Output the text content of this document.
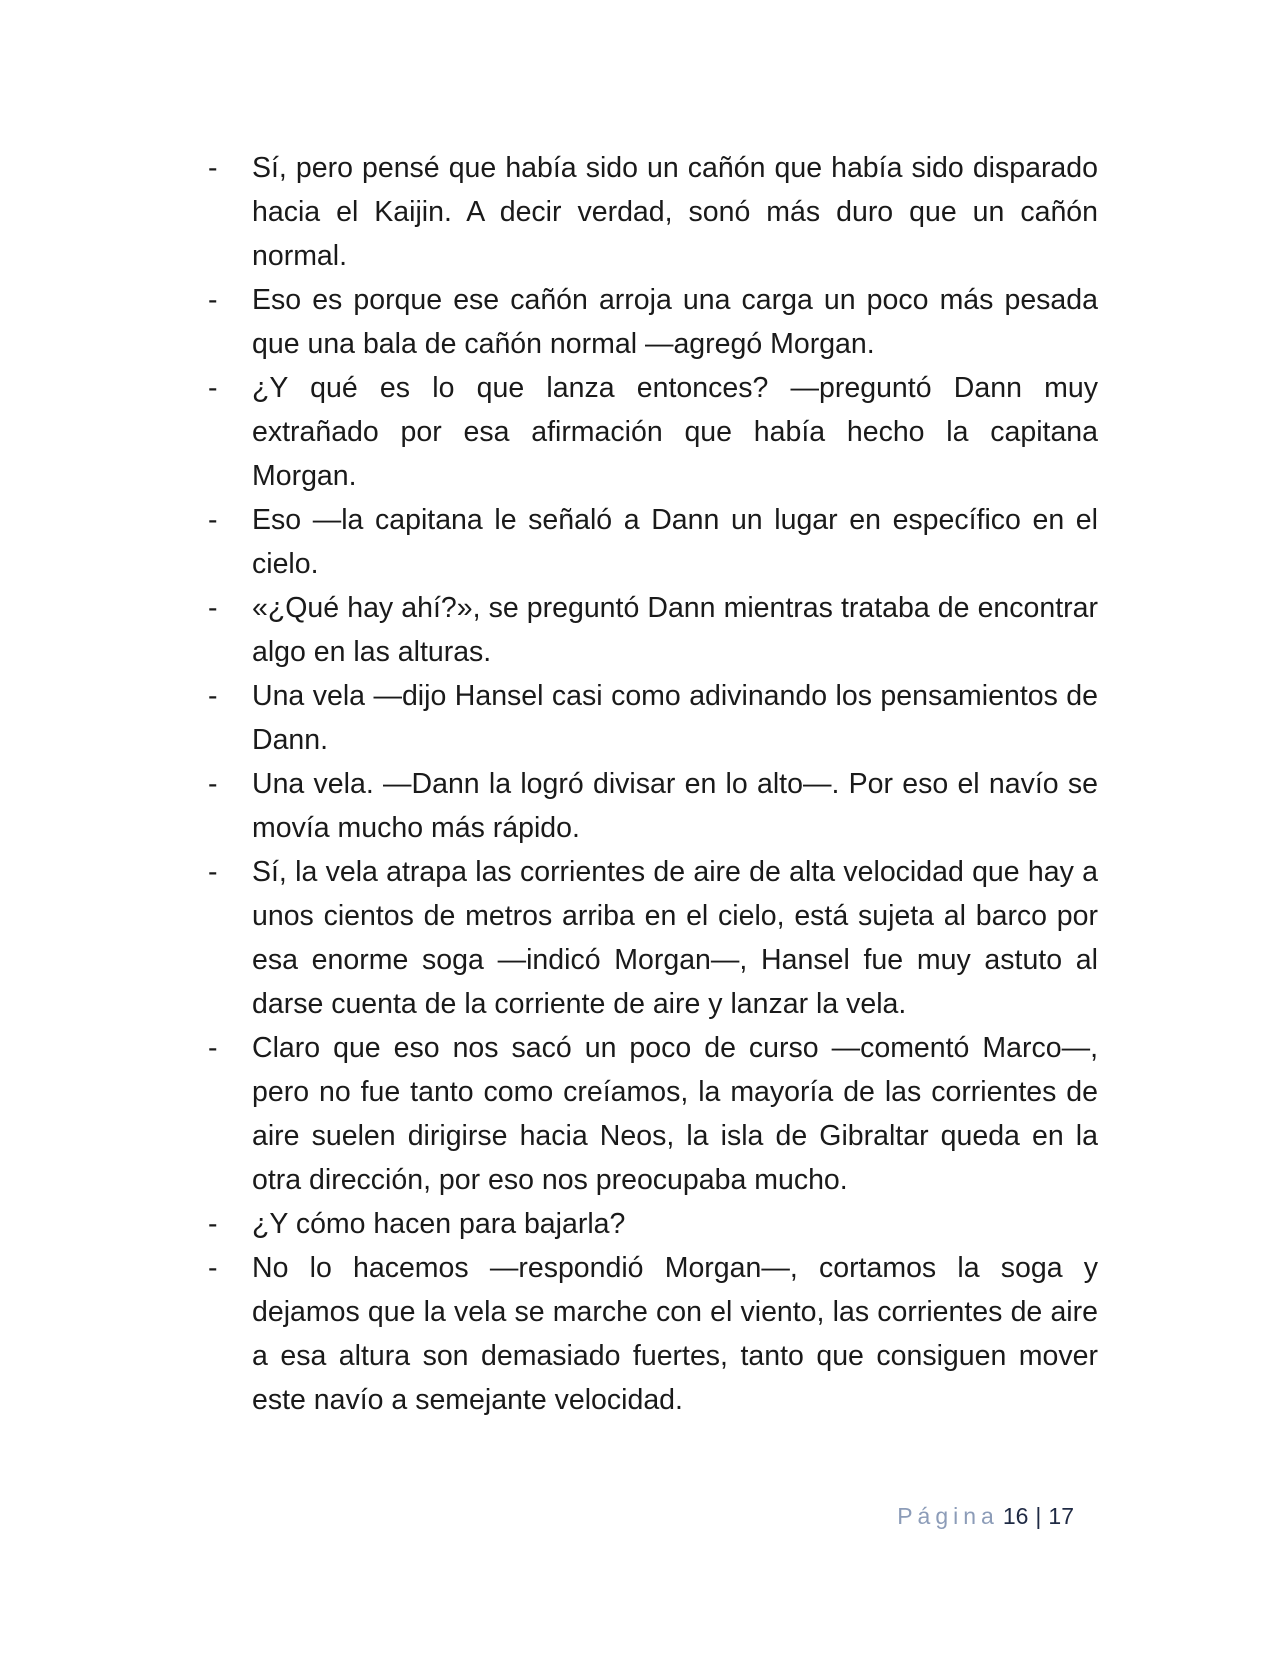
-	Sí, pero pensé que había sido un cañón que había sido disparado hacia el Kaijin. A decir verdad, sonó más duro que un cañón normal.
-	Eso es porque ese cañón arroja una carga un poco más pesada que una bala de cañón normal —agregó Morgan.
-	¿Y qué es lo que lanza entonces? —preguntó Dann muy extrañado por esa afirmación que había hecho la capitana Morgan.
-	Eso —la capitana le señaló a Dann un lugar en específico en el cielo.
-	«¿Qué hay ahí?», se preguntó Dann mientras trataba de encontrar algo en las alturas.
-	Una vela —dijo Hansel casi como adivinando los pensamientos de Dann.
-	Una vela. —Dann la logró divisar en lo alto—. Por eso el navío se movía mucho más rápido.
-	Sí, la vela atrapa las corrientes de aire de alta velocidad que hay a unos cientos de metros arriba en el cielo, está sujeta al barco por esa enorme soga —indicó Morgan—, Hansel fue muy astuto al darse cuenta de la corriente de aire y lanzar la vela.
-	Claro que eso nos sacó un poco de curso —comentó Marco—, pero no fue tanto como creíamos, la mayoría de las corrientes de aire suelen dirigirse hacia Neos, la isla de Gibraltar queda en la otra dirección, por eso nos preocupaba mucho.
-	¿Y cómo hacen para bajarla?
-	No lo hacemos —respondió Morgan—, cortamos la soga y dejamos que la vela se marche con el viento, las corrientes de aire a esa altura son demasiado fuertes, tanto que consiguen mover este navío a semejante velocidad.
Página 16 | 17
